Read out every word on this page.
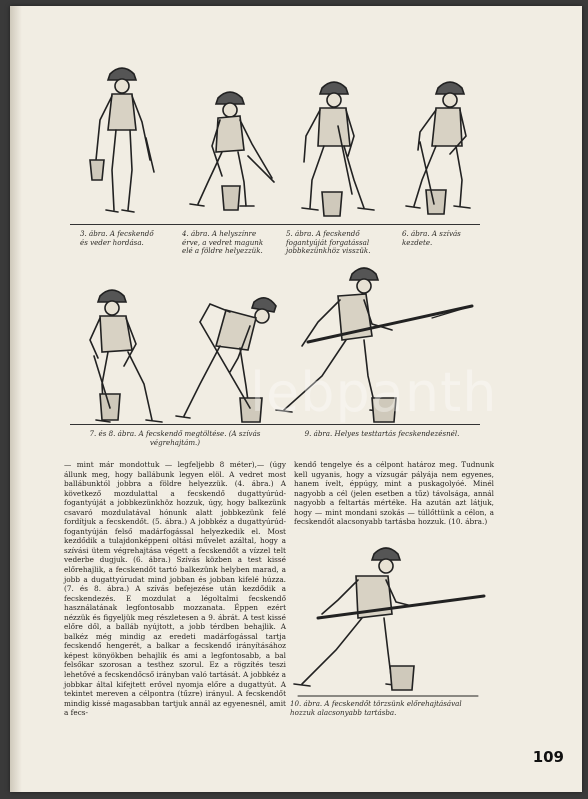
3. ábra. A fecskendő és veder hordása.
4. ábra. A helyszínre érve, a vedret magunk elé a földre helyezzük.
5. ábra. A fecskendő fogantyúját forgatással jobbkezünkhöz visszük.
6. ábra. A szívás kezdete.
7. és 8. ábra. A fecskendő megtöltése. (A szívás végrehajtám.)
9. ábra. Helyes testtartás fecskendezésnél.
— mint már mondottuk — legfeljebb 8 méter),— (úgy állunk meg, hogy ballábunk legyen elöl. A vedret most ballábunktól jobbra a földre helyezzük. (4. ábra.) A következő mozdulattal a fecskendő dugattyúrúd-fogantyúját a jobbkezünkhöz hozzuk, úgy, hogy balkezünk csavaró mozdulatával hónunk alatt jobbkezünk felé fordítjuk a fecskendőt. (5. ábra.) A jobbkéz a dugattyúrúd-fogantyúján felső madárfogással helyezkedik el. Most kezdődik a tulajdonképpeni oltási művelet azáltal, hogy a szívási ütem végrehajtása végett a fecskendőt a vízzel telt vederbe dugjuk. (6. ábra.) Szívás közben a test kissé előrehajlik, a fecskendőt tartó balkezünk helyben marad, a jobb a dugattyúrudat mind jobban és jobban kifelé húzza. (7. és 8. ábra.) A szívás befejezése után kezdődik a fecskendezés. E mozdulat a légoltalmi fecskendő használatának legfontosabb mozzanata. Éppen ezért nézzük és figyeljük meg részletesen a 9. ábrát. A test kissé előre dől, a balláb nyújtott, a jobb térdben behajlik. A balkéz még mindig az eredeti madárfogással tartja fecskendő hengerét, a balkar a fecskendő irányításához képest könyökben behajlik és ami a legfontosabb, a bal felsőkar szorosan a testhez szorul. Ez a rögzítés teszi lehetővé a fecskendőcső irányban való tartását. A jobbkéz a jobbkar által kifejtett erővel nyomja előre a dugattyút. A tekintet mereven a célpontra (tűzre) irányul. A fecskendőt mindig kissé magasabban tartjuk annál az egyenesnél, amit a fecs-
kendő tengelye és a célpont határoz meg. Tudnunk kell ugyanis, hogy a vízsugár pályája nem egyenes, hanem ívelt, éppúgy, mint a puskagolyóé. Minél nagyobb a cél (jelen esetben a tűz) távolsága, annál nagyobb a feltartás mértéke. Ha azután azt látjuk, hogy — mint mondani szokás — túllőttünk a célon, a fecskendőt alacsonyabb tartásba hozzuk. (10. ábra.)
10. ábra. A fecskendőt törzsünk előrehajtásával hozzuk alacsonyabb tartásba.
109
lebpanth
